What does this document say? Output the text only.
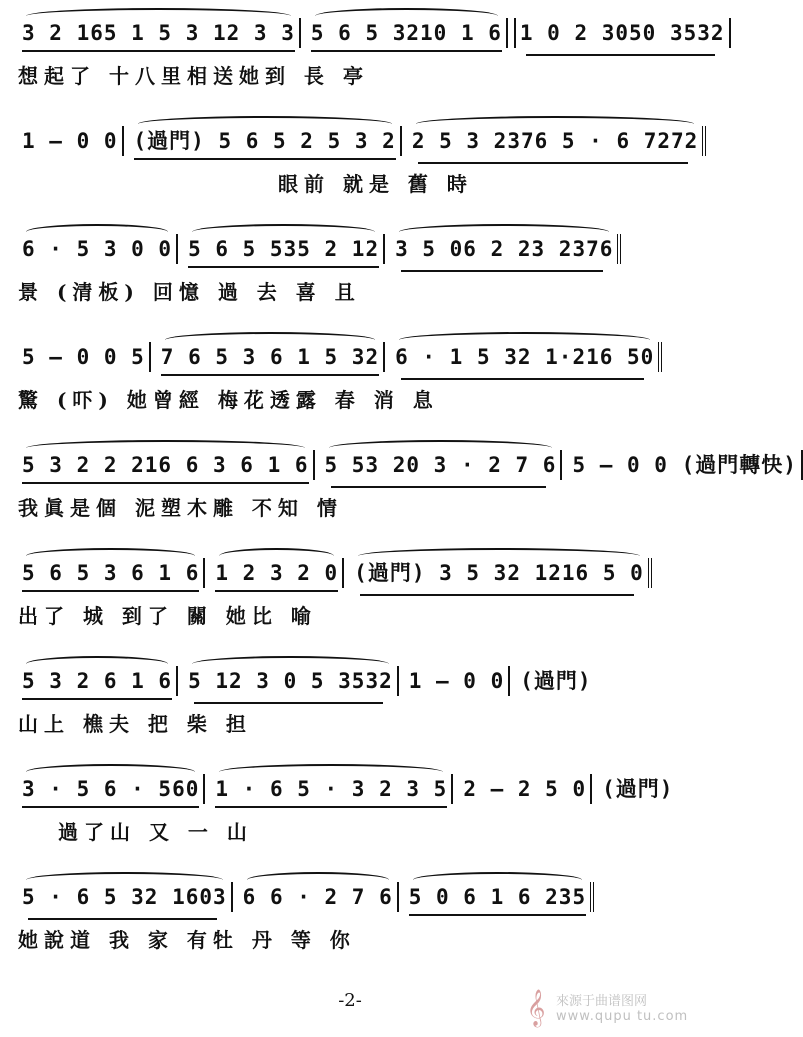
3 2 165 1 5 3 12 3 3 5 6 5 3210 1 6 1 0 2 3050 3532
想起了 十八里相送她到 長 亭
1 — 0 0 (過門) 5 6 5 2 5 3 2 2 5 3 2376 5 · 6 7272
眼前 就是 舊 時
6 · 5 3 0 0 5 6 5 535 2 12 3 5 06 2 23 2376
景 (清板) 回憶 過 去 喜 且
5 — 0 0 5 7 6 5 3 6 1 5 32 6 · 1 5 32 1·216 50
驚 (吓) 她曾經 梅花透露 春 消 息
5 3 2 2 216 6 3 6 1 6 5 53 20 3 · 2 7 6 5 — 0 0 (過門轉快)
我眞是個 泥塑木雕 不知 情
5 6 5 3 6 1 6 1 2 3 2 0 (過門) 3 5 32 1216 5 0
出了 城 到了 關 她比 喻
5 3 2 6 1 6 5 12 3 0 5 3532 1 — 0 0 (過門)
山上 樵夫 把 柴 担
3 · 5 6 · 560 1 · 6 5 · 3 2 3 5 2 — 2 5 0 (過門)
過了山 又 一 山
5 · 6 5 32 1603 6 6 · 2 7 6 5 0 6 1 6 235
她說道 我 家 有牡 丹 等 你
-2-	𝄞 來源于曲谱图网
www.qupu tu.com
